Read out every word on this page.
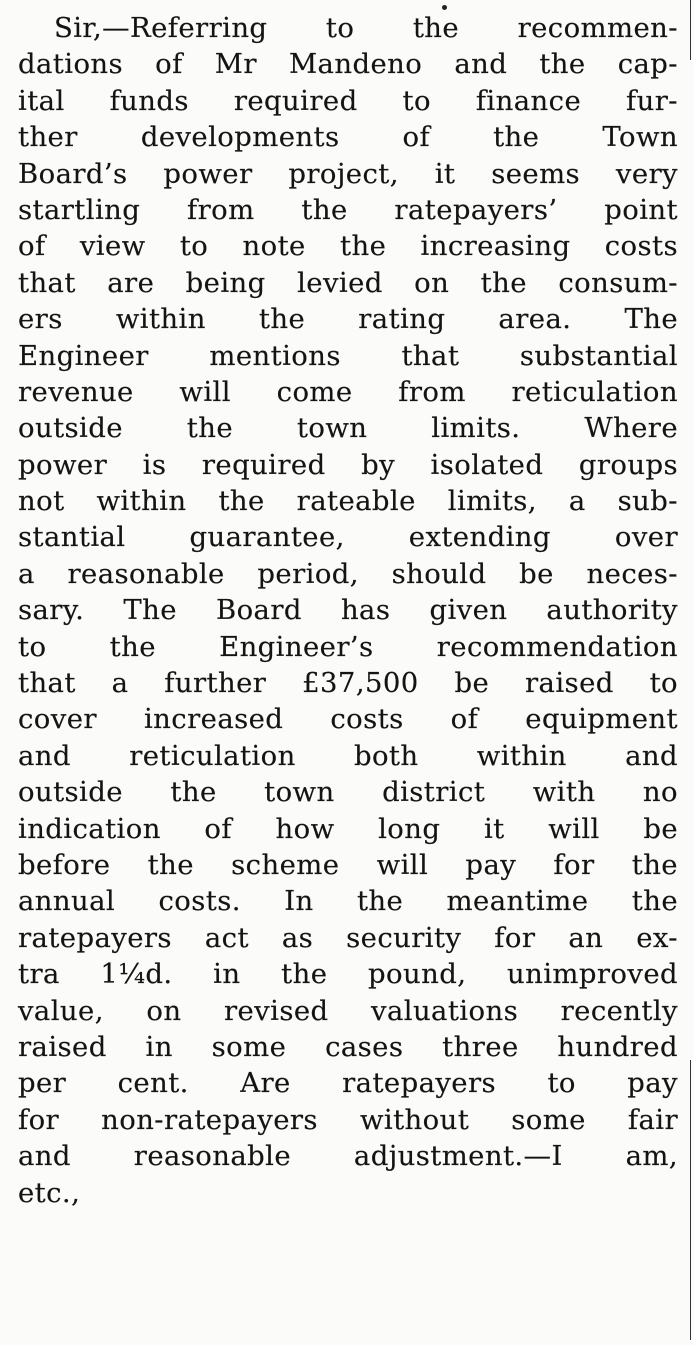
Sir,—Referring to the recommen-
dations of Mr Mandeno and the cap-
ital funds required to finance fur-
ther developments of the Town
Board’s power project, it seems very
startling from the ratepayers’ point
of view to note the increasing costs
that are being levied on the consum-
ers within the rating area. The
Engineer mentions that substantial
revenue will come from reticulation
outside the town limits. Where
power is required by isolated groups
not within the rateable limits, a sub-
stantial guarantee, extending over
a reasonable period, should be neces-
sary. The Board has given authority
to the Engineer’s recommendation
that a further £37,500 be raised to
cover increased costs of equipment
and reticulation both within and
outside the town district with no
indication of how long it will be
before the scheme will pay for the
annual costs. In the meantime the
ratepayers act as security for an ex-
tra 1¼d. in the pound, unimproved
value, on revised valuations recently
raised in some cases three hundred
per cent. Are ratepayers to pay
for non-ratepayers without some fair
and reasonable adjustment.—I am,
etc.,
